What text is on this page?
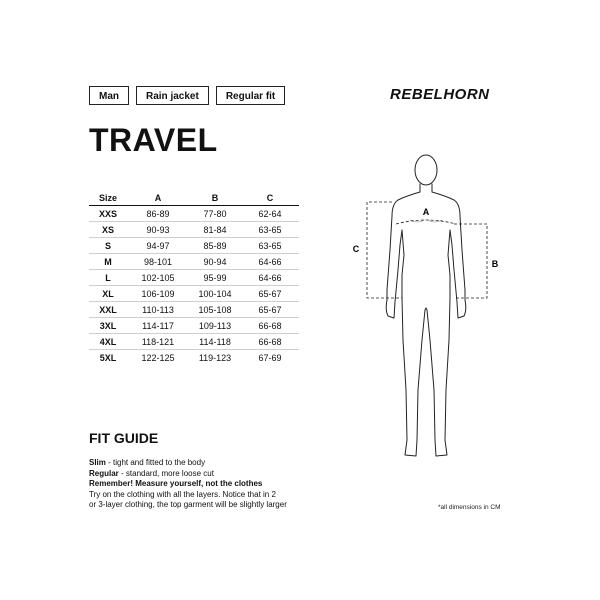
Man	Rain jacket	Regular fit	REBELHORN
TRAVEL
Size	A	B	C
XXS	86-89	77-80	62-64
XS	90-93	81-84	63-65
S	94-97	85-89	63-65
M	98-101	90-94	64-66
L	102-105	95-99	64-66
XL	106-109	100-104	65-67
XXL	110-113	105-108	65-67
3XL	114-117	109-113	66-68
4XL	118-121	114-118	66-68
5XL	122-125	119-123	67-69
A
B
C
FIT GUIDE
Slim - tight and fitted to the body
Regular - standard, more loose cut
Remember! Measure yourself, not the clothes
Try on the clothing with all the layers. Notice that in 2
or 3-layer clothing, the top garment will be slightly larger	*all dimensions in CM
